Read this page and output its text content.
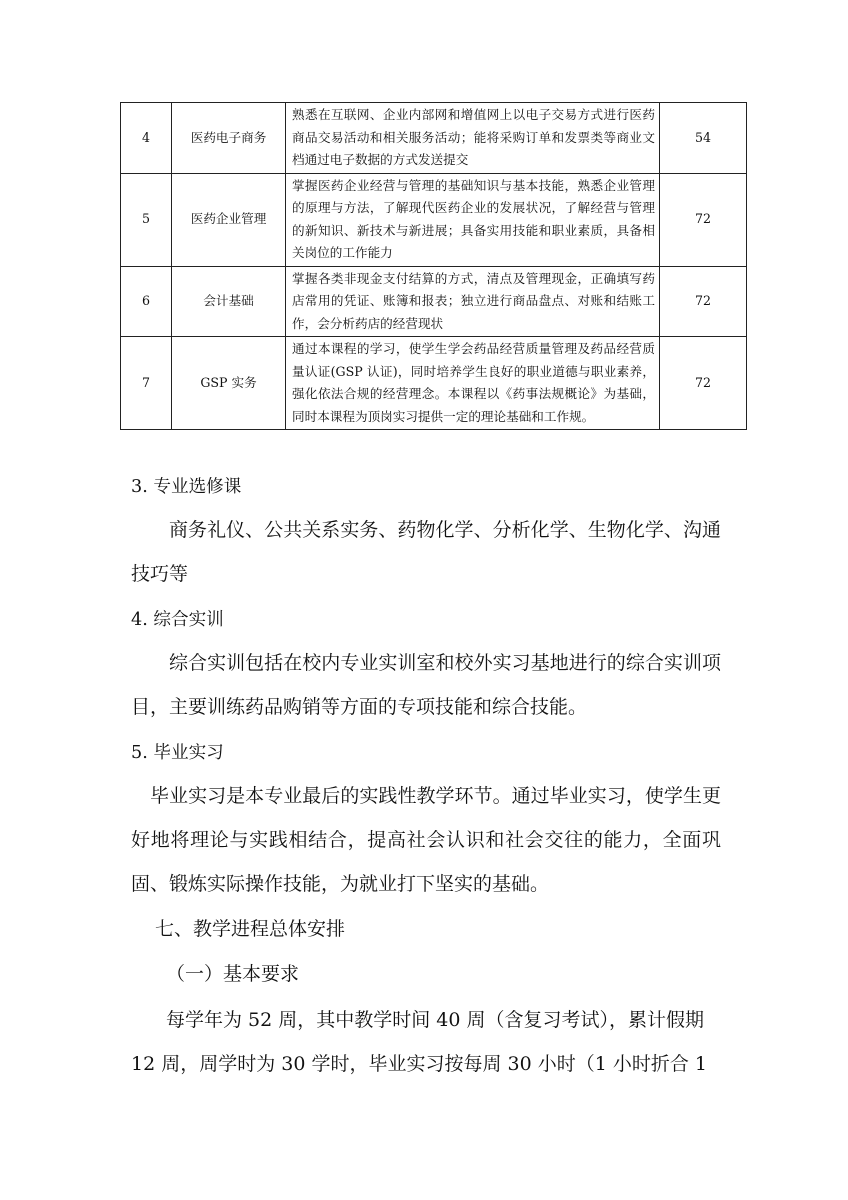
4	医药电子商务	熟悉在互联网、企业内部网和增值网上以电子交易方式进行医药商品交易活动和相关服务活动；能将采购订单和发票类等商业文档通过电子数据的方式发送提交	54
5	医药企业管理	掌握医药企业经营与管理的基础知识与基本技能，熟悉企业管理的原理与方法，了解现代医药企业的发展状况，了解经营与管理的新知识、新技术与新进展；具备实用技能和职业素质，具备相关岗位的工作能力	72
6	会计基础	掌握各类非现金支付结算的方式，清点及管理现金，正确填写药店常用的凭证、账簿和报表；独立进行商品盘点、对账和结账工作，会分析药店的经营现状	72
7	GSP 实务	通过本课程的学习，使学生学会药品经营质量管理及药品经营质量认证(GSP 认证)，同时培养学生良好的职业道德与职业素养，强化依法合规的经营理念。本课程以《药事法规概论》为基础，同时本课程为顶岗实习提供一定的理论基础和工作规。	72
3. 专业选修课
商务礼仪、公共关系实务、药物化学、分析化学、生物化学、沟通技巧等
4. 综合实训
综合实训包括在校内专业实训室和校外实习基地进行的综合实训项目，主要训练药品购销等方面的专项技能和综合技能。
5. 毕业实习
毕业实习是本专业最后的实践性教学环节。通过毕业实习，使学生更好地将理论与实践相结合，提高社会认识和社会交往的能力，全面巩固、锻炼实际操作技能，为就业打下坚实的基础。
七、教学进程总体安排
（一）基本要求
每学年为 52 周，其中教学时间 40 周（含复习考试），累计假期
12 周，周学时为 30 学时，毕业实习按每周 30 小时（1 小时折合 1
